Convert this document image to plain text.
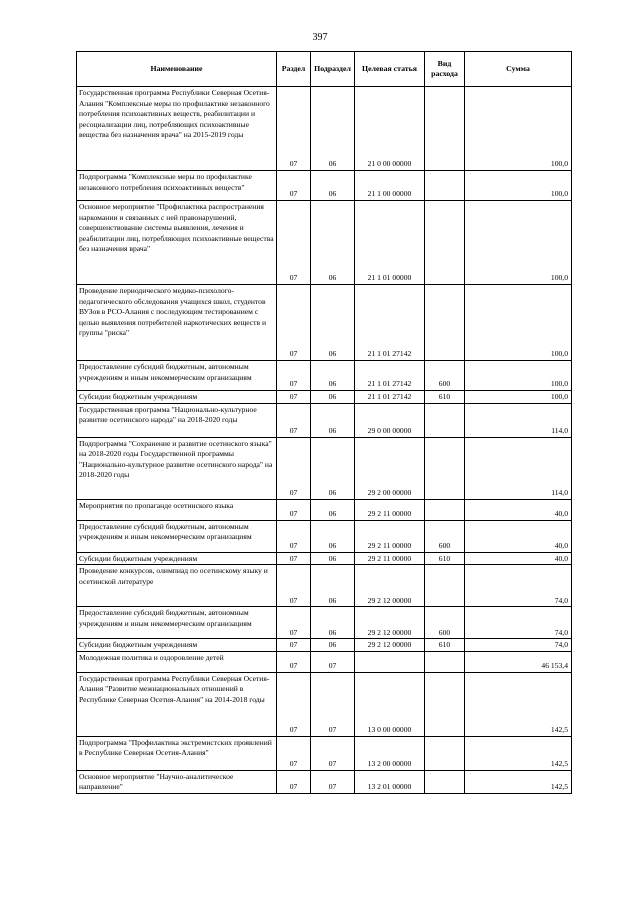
397
Наименование	Раздел	Подраздел	Целевая статья	Вид расхода	Сумма
Государственная программа Республики Северная Осетия-Алания "Комплексные меры по профилактике незаконного потребления психоактивных веществ, реабилитации и ресоциализации лиц, потребляющих психоактивные вещества без назначения врача" на 2015-2019 годы	07	06	21 0 00 00000		100,0
Подпрограмма "Комплексные меры по профилактике незаконного потребления психоактивных веществ"	07	06	21 1 00 00000		100,0
Основное мероприятие "Профилактика распространения наркомании и связанных с ней правонарушений, совершенствование системы выявления, лечения и реабилитации лиц, потребляющих психоактивные вещества без назначения врача"	07	06	21 1 01 00000		100,0
Проведение периодического медико-психолого-педагогического обследования учащихся школ, студентов ВУЗов в РСО-Алания с последующим тестированием с целью выявления потребителей наркотических веществ и группы "риска"	07	06	21 1 01 27142		100,0
Предоставление субсидий бюджетным, автономным учреждениям и иным некоммерческим организациям	07	06	21 1 01 27142	600	100,0
Субсидии бюджетным учреждениям	07	06	21 1 01 27142	610	100,0
Государственная программа "Национально-культурное развитие осетинского народа" на 2018-2020 годы	07	06	29 0 00 00000		114,0
Подпрограмма "Сохранение и развитие осетинского языка" на 2018-2020 годы Государственной программы "Национально-культурное развитие осетинского народа" на 2018-2020 годы	07	06	29 2 00 00000		114,0
Мероприятия по пропаганде осетинского языка	07	06	29 2 11 00000		40,0
Предоставление субсидий бюджетным, автономным учреждениям и иным некоммерческим организациям	07	06	29 2 11 00000	600	40,0
Субсидии бюджетным учреждениям	07	06	29 2 11 00000	610	40,0
Проведение конкурсов, олимпиад по осетинскому языку и осетинской литературе	07	06	29 2 12 00000		74,0
Предоставление субсидий бюджетным, автономным учреждениям и иным некоммерческим организациям	07	06	29 2 12 00000	600	74,0
Субсидии бюджетным учреждениям	07	06	29 2 12 00000	610	74,0
Молодежная политика и оздоровление детей	07	07			46 153,4
Государственная программа Республики Северная Осетия-Алания "Развитие межнациональных отношений в Республике Северная Осетия-Алания" на 2014-2018 годы	07	07	13 0 00 00000		142,5
Подпрограмма "Профилактика экстремистских проявлений в Республике Северная Осетия-Алания"	07	07	13 2 00 00000		142,5
Основное мероприятие "Научно-аналитическое направление"	07	07	13 2 01 00000		142,5
